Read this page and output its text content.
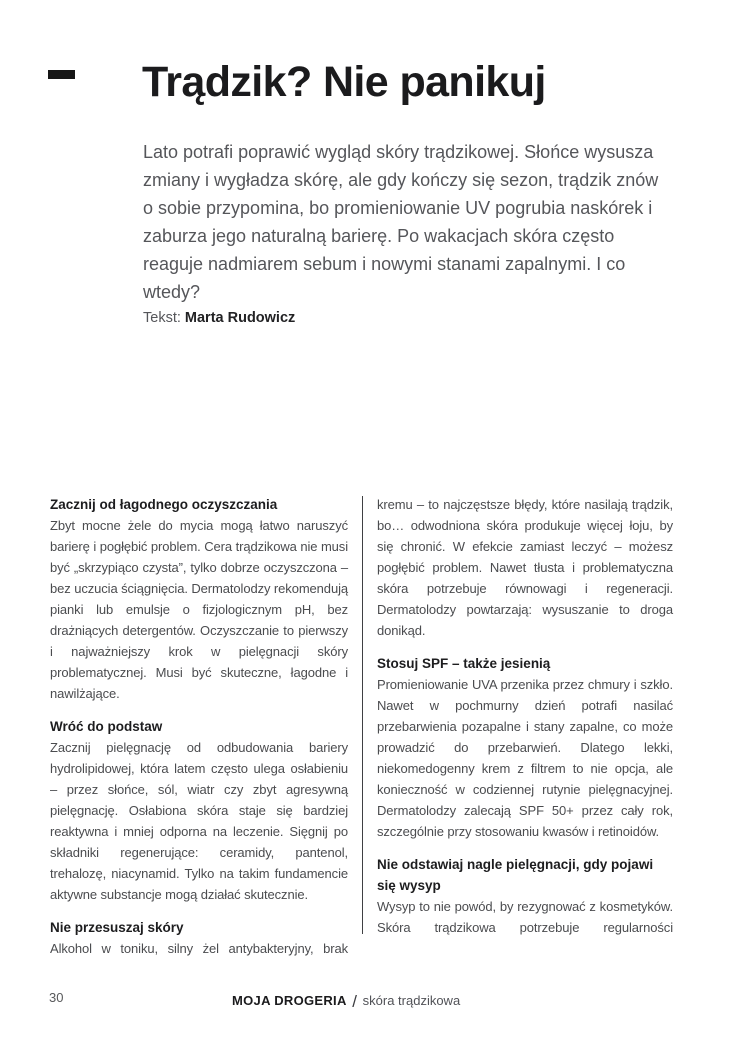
Trądzik? Nie panikuj

Lato potrafi poprawić wygląd skóry trądzikowej. Słońce wysusza zmiany i wygładza skórę, ale gdy kończy się sezon, trądzik znów o sobie przypomina, bo promieniowanie UV pogrubia naskórek i zaburza jego naturalną barierę. Po wakacjach skóra często reaguje nadmiarem sebum i nowymi stanami zapalnymi. I co wtedy?

Tekst: Marta Rudowicz

Zacznij od łagodnego oczyszczania

Zbyt mocne żele do mycia mogą łatwo naruszyć barierę i pogłębić problem. Cera trądzikowa nie musi być „skrzypiąco czysta”, tylko dobrze oczyszczona – bez uczucia ściągnięcia. Dermatolodzy rekomendują pianki lub emulsje o fizjologicznym pH, bez drażniących detergentów. Oczyszczanie to pierwszy i najważniejszy krok w pielęgnacji skóry problematycznej. Musi być skuteczne, łagodne i nawilżające.

Wróć do podstaw

Zacznij pielęgnację od odbudowania bariery hydrolipidowej, która latem często ulega osłabieniu – przez słońce, sól, wiatr czy zbyt agresywną pielęgnację. Osłabiona skóra staje się bardziej reaktywna i mniej odporna na leczenie. Sięgnij po składniki regenerujące: ceramidy, pantenol, trehalozę, niacynamid. Tylko na takim fundamencie aktywne substancje mogą działać skutecznie.

Nie przesuszaj skóry

Alkohol w toniku, silny żel antybakteryjny, brak

kremu – to najczęstsze błędy, które nasilają trądzik, bo… odwodniona skóra produkuje więcej łoju, by się chronić. W efekcie zamiast leczyć – możesz pogłębić problem. Nawet tłusta i problematyczna skóra potrzebuje równowagi i regeneracji. Dermatolodzy powtarzają: wysuszanie to droga donikąd.

Stosuj SPF – także jesienią

Promieniowanie UVA przenika przez chmury i szkło. Nawet w pochmurny dzień potrafi nasilać przebarwienia pozapalne i stany zapalne, co może prowadzić do przebarwień. Dlatego lekki, niekomedogenny krem z filtrem to nie opcja, ale konieczność w codziennej rutynie pielęgnacyjnej. Dermatolodzy zalecają SPF 50+ przez cały rok, szczególnie przy stosowaniu kwasów i retinoidów.

Nie odstawiaj nagle pielęgnacji, gdy pojawi się wysyp

Wysyp to nie powód, by rezygnować z kosmetyków. Skóra trądzikowa potrzebuje regularności

30	MOJA DROGERIA / skóra trądzikowa
